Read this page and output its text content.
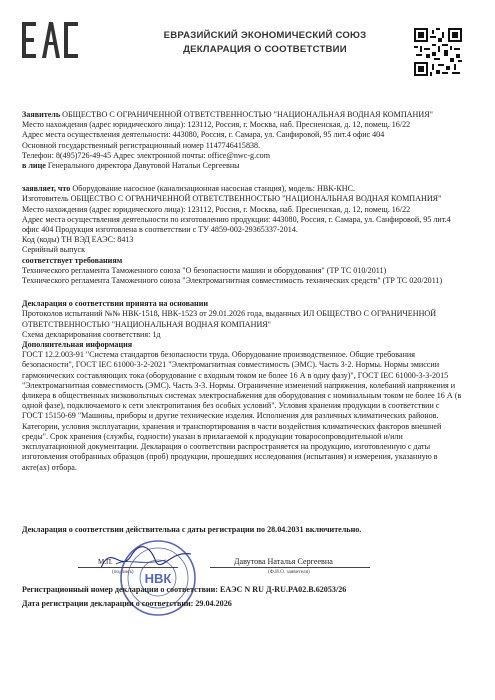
ЕВРАЗИЙСКИЙ ЭКОНОМИЧЕСКИЙ СОЮЗ
ДЕКЛАРАЦИЯ О СООТВЕТСТВИИ

Заявитель ОБЩЕСТВО С ОГРАНИЧЕННОЙ ОТВЕТСТВЕННОСТЬЮ "НАЦИОНАЛЬНАЯ ВОДНАЯ КОМПАНИЯ"

Место нахождения (адрес юридического лица): 123112, Россия, г. Москва, наб. Пресненская, д. 12, помещ. 16/22

Адрес места осуществления деятельности: 443080, Россия, г. Самара, ул. Санфировой, 95 лит.4 офис 404

Основной государственный регистрационный номер 1147746415838.

Телефон: 8(495)726-49-45 Адрес электронной почты: office@nwc-g.com

в лице Генерального директора Давутовой Натальи Сергеевны

заявляет, что Оборудование насосное (канализационная насосная станция), модель: НВК-КНС.

Изготовитель ОБЩЕСТВО С ОГРАНИЧЕННОЙ ОТВЕТСТВЕННОСТЬЮ "НАЦИОНАЛЬНАЯ ВОДНАЯ КОМПАНИЯ"

Место нахождения (адрес юридического лица): 123112, Россия, г. Москва, наб. Пресненская, д. 12, помещ. 16/22

Адрес места осуществления деятельности по изготовлению продукции: 443080, Россия, г. Самара, ул. Санфировой, 95 лит.4 офис 404 Продукция изготовлена в соответствии с ТУ 4859-002-29365337-2014.

Код (коды) ТН ВЭД ЕАЭС: 8413

Серийный выпуск

соответствует требованиям

Технического регламента Таможенного союза "О безопасности машин и оборудования" (ТР ТС 010/2011)

Технического регламента Таможенного союза "Электромагнитная совместимость технических средств" (ТР ТС 020/2011)

Декларация о соответствии принята на основании

Протоколов испытаний №№ НВК-1518, НВК-1523 от 29.01.2026 года, выданных ИЛ ОБЩЕСТВО С ОГРАНИЧЕННОЙ ОТВЕТСТВЕННОСТЬЮ "НАЦИОНАЛЬНАЯ ВОДНАЯ КОМПАНИЯ"

Схема декларирования соответствия: 1д

Дополнительная информация

ГОСТ 12.2.003-91 "Система стандартов безопасности труда. Оборудование производственное. Общие требования безопасности", ГОСТ IEC 61000-3-2-2021 "Электромагнитная совместимость (ЭМС). Часть 3-2. Нормы. Нормы эмиссии гармонических составляющих тока (оборудование с входным током не более 16 А в одну фазу)", ГОСТ IEC 61000-3-3-2015 "Электромагнитная совместимость (ЭМС). Часть 3-3. Нормы. Ограничение изменений напряжения, колебаний напряжения и фликера в общественных низковольтных системах электроснабжения для оборудования с номинальным током не более 16 А (в одной фазе), подключаемого к сети электропитания без особых условий". Условия хранения продукции в соответствии с ГОСТ 15150-69 "Машины, приборы и другие технические изделия. Исполнения для различных климатических районов. Категории, условия эксплуатации, хранения и транспортирования в части воздействия климатических факторов внешней среды". Срок хранения (службы, годности) указан в прилагаемой к продукции товаросопроводительной и/или эксплуатационной документации. Декларация о соответствии распространяется на продукцию, изготовленную с даты изготовления отобранных образцов (проб) продукции, прошедших исследования (испытания) и измерения, указанную в акте(ах) отбора.

Декларация о соответствии действительна с даты регистрации по 28.04.2031 включительно.
М.П.
(подпись)
Давутова Наталья Сергеевна
(Ф.И.О. заявителя)
НВК
Регистрационный номер декларации о соответствии: ЕАЭС N RU Д-RU.PA02.B.62053/26
Дата регистрации декларации о соответствии: 29.04.2026
